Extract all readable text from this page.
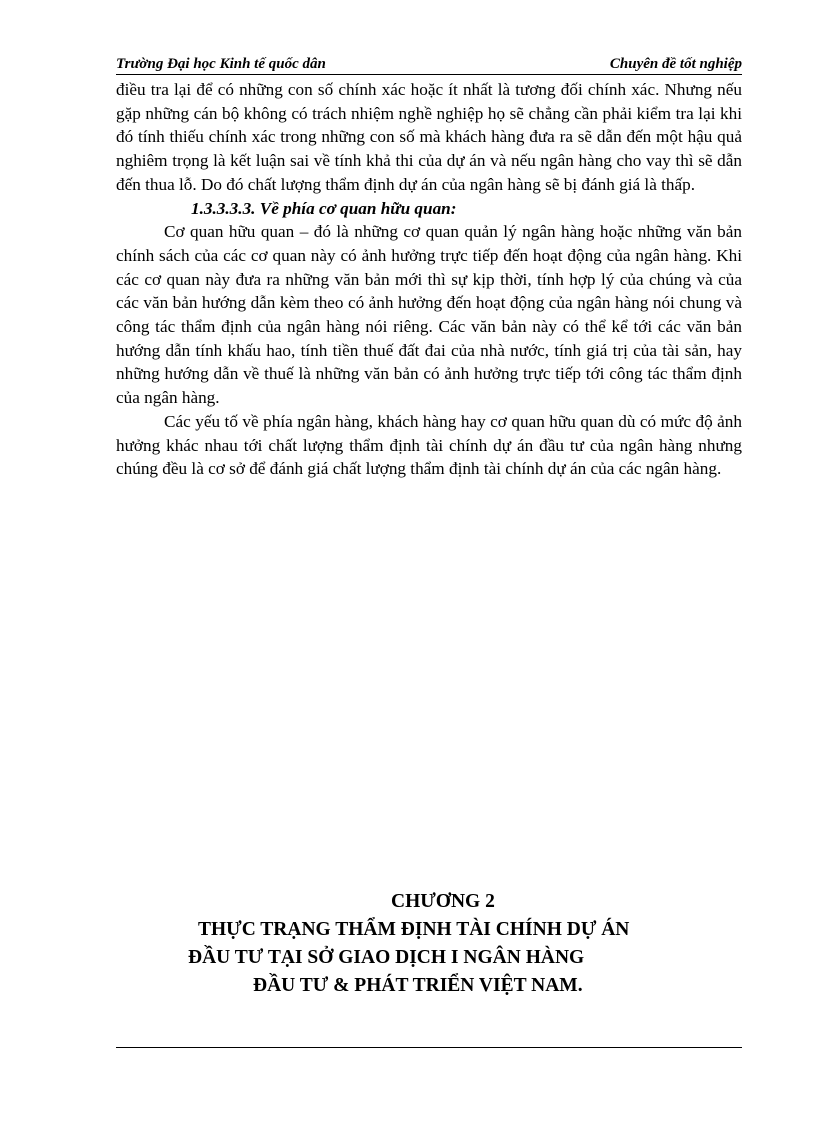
Trường Đại học Kinh tế quốc dân	Chuyên đề tốt nghiệp

điều tra lại để có những con số chính xác hoặc ít nhất là tương đối chính xác. Nhưng nếu gặp những cán bộ không có trách nhiệm nghề nghiệp họ sẽ chẳng cần phải kiểm tra lại khi đó tính thiếu chính xác trong những con số mà khách hàng đưa ra sẽ dẫn đến một hậu quả nghiêm trọng là kết luận sai về tính khả thi của dự án và nếu ngân hàng cho vay thì sẽ dẫn đến thua lỗ. Do đó chất lượng thẩm định dự án của ngân hàng sẽ bị đánh giá là thấp.

1.3.3.3.3. Về phía cơ quan hữu quan:

Cơ quan hữu quan – đó là những cơ quan quản lý ngân hàng hoặc những văn bản chính sách của các cơ quan này có ảnh hưởng trực tiếp đến hoạt động của ngân hàng. Khi các cơ quan này đưa ra những văn bản mới thì sự kịp thời, tính hợp lý của chúng và của các văn bản hướng dẫn kèm theo có ảnh hưởng đến hoạt động của ngân hàng nói chung và công tác thẩm định của ngân hàng nói riêng. Các văn bản này có thể kể tới các văn bản hướng dẫn tính khấu hao, tính tiền thuế đất đai của nhà nước, tính giá trị của tài sản, hay những hướng dẫn về thuế là những văn bản có ảnh hưởng trực tiếp tới công tác thẩm định của ngân hàng.

Các yếu tố về phía ngân hàng, khách hàng hay cơ quan hữu quan dù có mức độ ảnh hưởng khác nhau tới chất lượng thẩm định tài chính dự án đầu tư của ngân hàng nhưng chúng đều là cơ sở để đánh giá chất lượng thẩm định tài chính dự án của các ngân hàng.

CHƯƠNG 2
THỰC TRẠNG THẨM ĐỊNH TÀI CHÍNH DỰ ÁN
ĐẦU TƯ TẠI SỞ GIAO DỊCH I NGÂN HÀNG
ĐẦU TƯ & PHÁT TRIỂN VIỆT NAM.
